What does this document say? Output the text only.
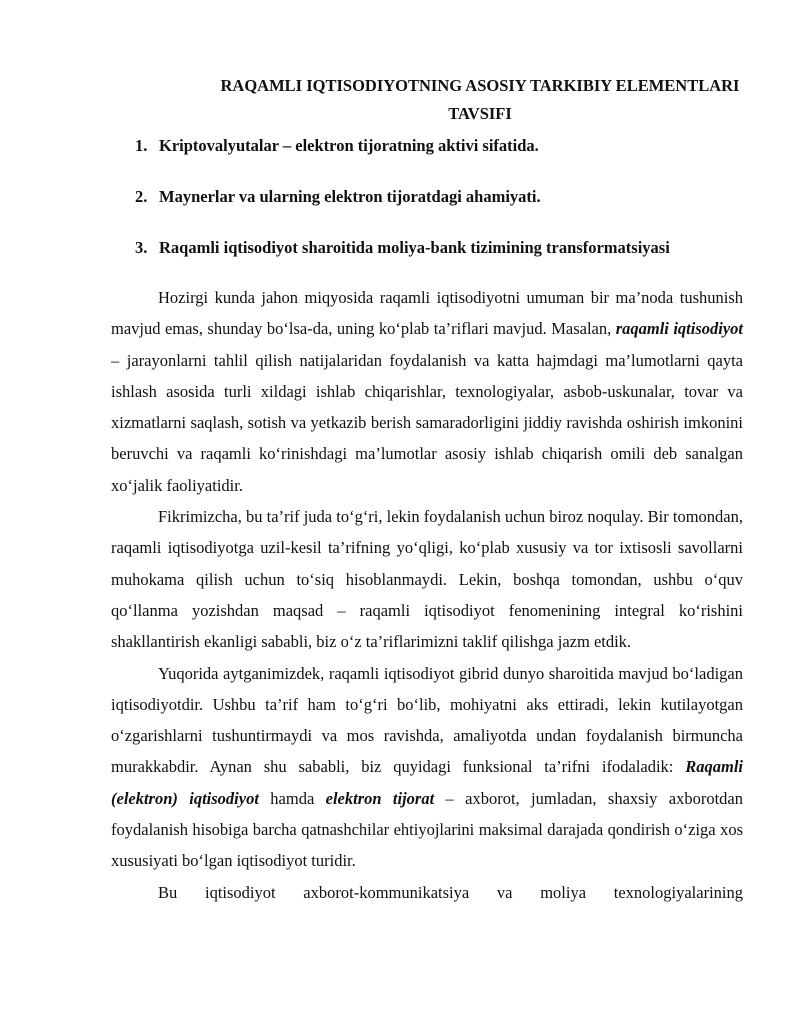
RAQAMLI IQTISODIYOTNING ASOSIY TARKIBIY ELEMENTLARI
TAVSIFI
1. Kriptovalyutalar – elektron tijoratning aktivi sifatida.
2. Maynerlar va ularning elektron tijoratdagi ahamiyati.
3. Raqamli iqtisodiyot sharoitida moliya-bank tizimining transformatsiyasi

Hozirgi kunda jahon miqyosida raqamli iqtisodiyotni umuman bir ma’noda tushunish mavjud emas, shunday bo‘lsa-da, uning ko‘plab ta’riflari mavjud. Masalan, raqamli iqtisodiyot – jarayonlarni tahlil qilish natijalaridan foydalanish va katta hajmdagi ma’lumotlarni qayta ishlash asosida turli xildagi ishlab chiqarishlar, texnologiyalar, asbob-uskunalar, tovar va xizmatlarni saqlash, sotish va yetkazib berish samaradorligini jiddiy ravishda oshirish imkonini beruvchi va raqamli ko‘rinishdagi ma’lumotlar asosiy ishlab chiqarish omili deb sanalgan xo‘jalik faoliyatidir.

Fikrimizcha, bu ta’rif juda to‘g‘ri, lekin foydalanish uchun biroz noqulay. Bir tomondan, raqamli iqtisodiyotga uzil-kesil ta’rifning yo‘qligi, ko‘plab xususiy va tor ixtisosli savollarni muhokama qilish uchun to‘siq hisoblanmaydi. Lekin, boshqa tomondan, ushbu o‘quv qo‘llanma yozishdan maqsad – raqamli iqtisodiyot fenomenining integral ko‘rishini shakllantirish ekanligi sababli, biz o‘z ta’riflarimizni taklif qilishga jazm etdik.

Yuqorida aytganimizdek, raqamli iqtisodiyot gibrid dunyo sharoitida mavjud bo‘ladigan iqtisodiyotdir. Ushbu ta’rif ham to‘g‘ri bo‘lib, mohiyatni aks ettiradi, lekin kutilayotgan o‘zgarishlarni tushuntirmaydi va mos ravishda, amaliyotda undan foydalanish birmuncha murakkabdir. Aynan shu sababli, biz quyidagi funksional ta’rifni ifodaladik: Raqamli (elektron) iqtisodiyot hamda elektron tijorat – axborot, jumladan, shaxsiy axborotdan foydalanish hisobiga barcha qatnashchilar ehtiyojlarini maksimal darajada qondirish o‘ziga xos xususiyati bo‘lgan iqtisodiyot turidir.

Bu iqtisodiyot axborot-kommunikatsiya va moliya texnologiyalarining
